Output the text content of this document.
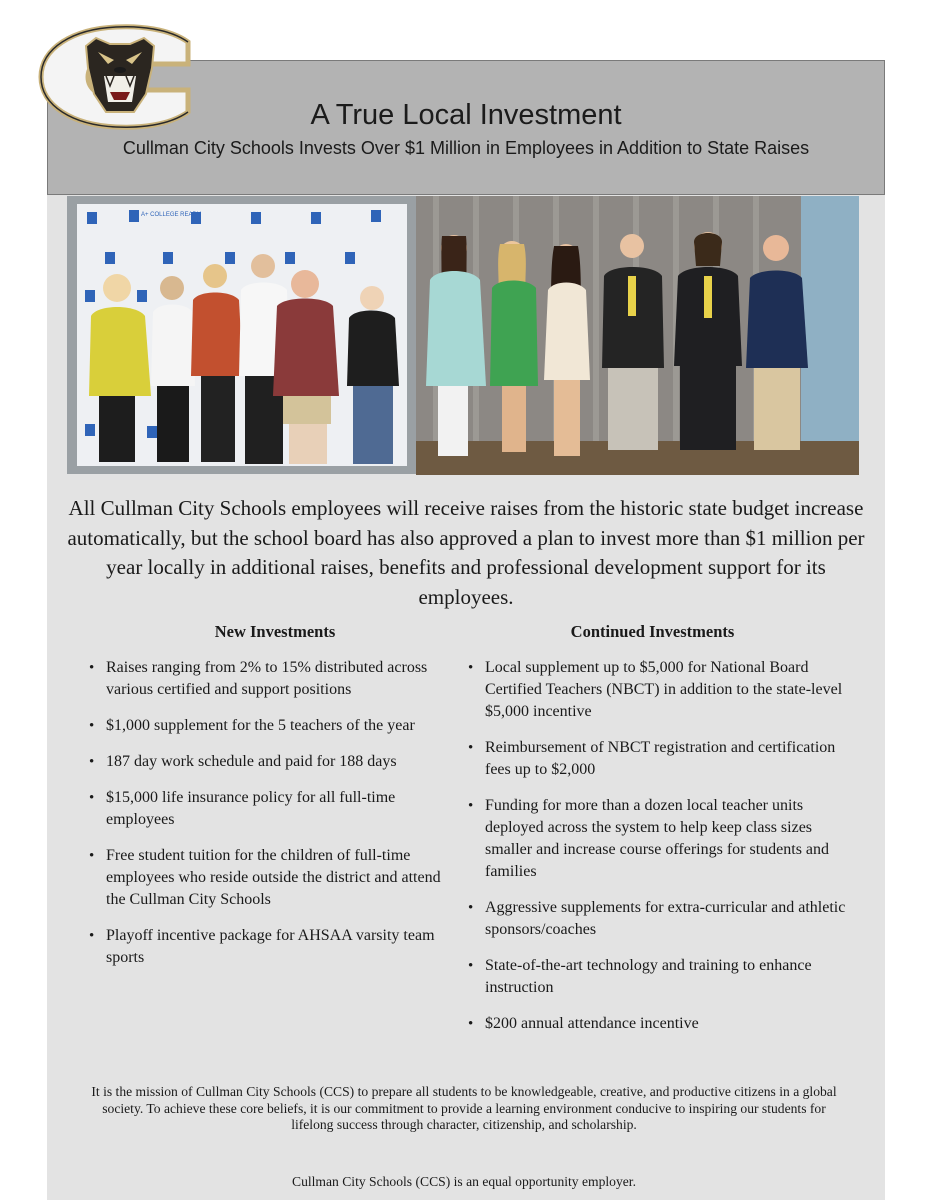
A True Local Investment
Cullman City Schools Invests Over $1 Million in Employees in Addition to State Raises
A+ COLLEGE READY
All Cullman City Schools employees will receive raises from the historic state budget increase automatically, but the school board has also approved a plan to invest more than $1 million per year locally in additional raises, benefits and professional development support for its employees.
New Investments	Continued Investments
• Raises ranging from 2% to 15% distributed across various certified and support positions
• $1,000 supplement for the 5 teachers of the year
• 187 day work schedule and paid for 188 days
• $15,000 life insurance policy for all full-time employees
• Free student tuition for the children of full-time employees who reside outside the district and attend the Cullman City Schools
• Playoff incentive package for AHSAA varsity team sports
• Local supplement up to $5,000 for National Board Certified Teachers (NBCT) in addition to the state-level $5,000 incentive
• Reimbursement of NBCT registration and certification fees up to $2,000
• Funding for more than a dozen local teacher units deployed across the system to help keep class sizes smaller and increase course offerings for students and families
• Aggressive supplements for extra-curricular and athletic sponsors/coaches
• State-of-the-art technology and training to enhance instruction
• $200 annual attendance incentive
It is the mission of Cullman City Schools (CCS) to prepare all students to be knowledgeable, creative, and productive citizens in a global society. To achieve these core beliefs, it is our commitment to provide a learning environment conducive to inspiring our students for lifelong success through character, citizenship, and scholarship.
Cullman City Schools (CCS) is an equal opportunity employer.
